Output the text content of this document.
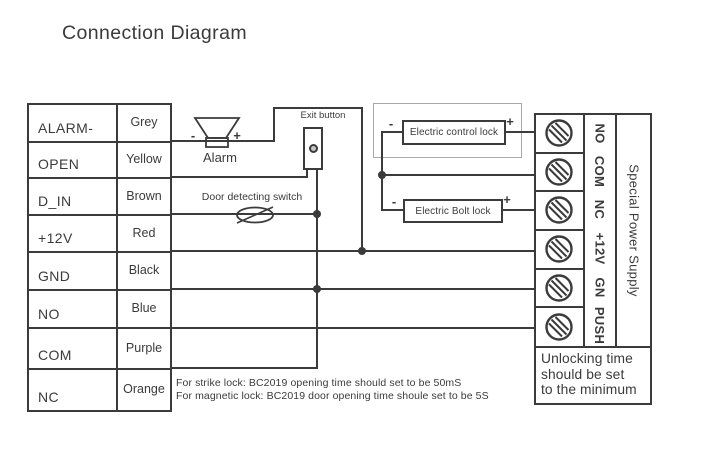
Connection Diagram
-	+
Alarm
Exit button
Door detecting switch
Electric control lock
-	+
Electric Bolt lock
-	+
NO
COM
NC
+12V
GN
PUSH
Special Power Supply
Unlocking time
should be set
to the minimum
ALARM-	Grey
OPEN	Yellow
D_IN	Brown
+12V	Red
GND	Black
NO	Blue
COM	Purple
NC	Orange	For strike lock: BC2019 opening time should set to be 50mS
For magnetic lock: BC2019 door opening time shoule set to be 5S
